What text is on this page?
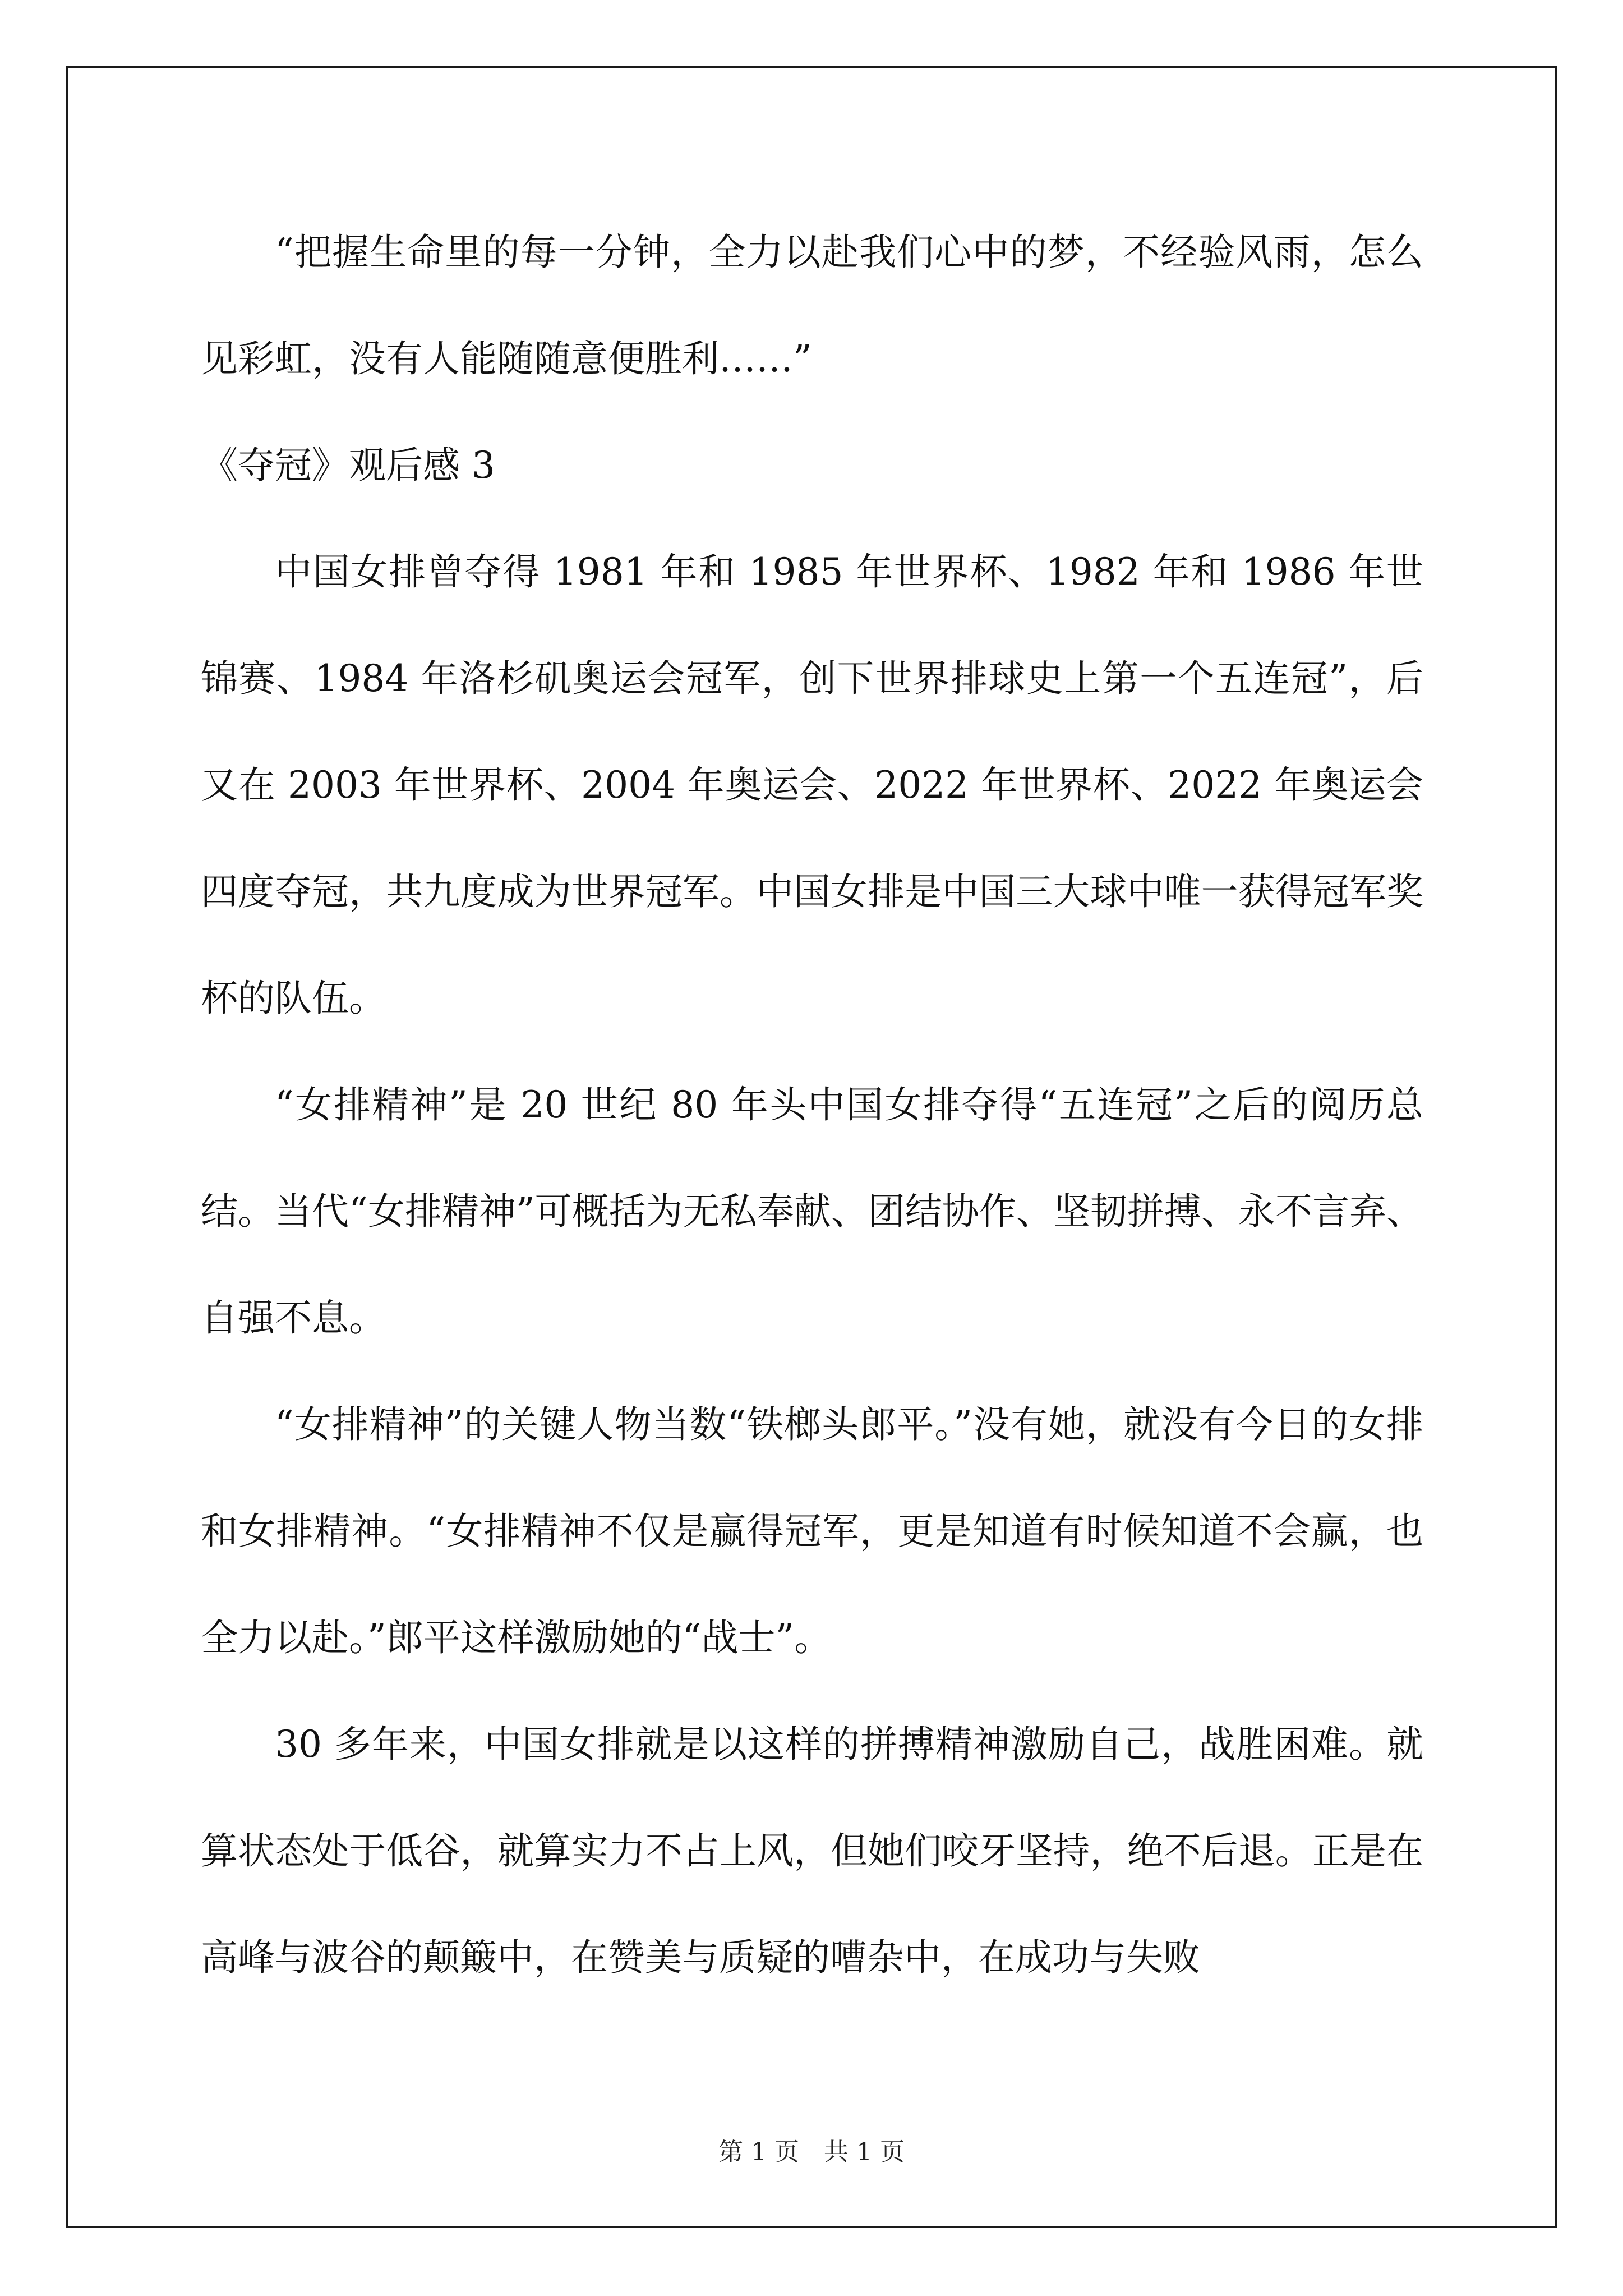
“把握生命里的每一分钟，全力以赴我们心中的梦，不经验风雨，怎么见彩虹，没有人能随随意便胜利……”

《夺冠》观后感 3

中国女排曾夺得 1981 年和 1985 年世界杯、1982 年和 1986 年世锦赛、1984 年洛杉矶奥运会冠军，创下世界排球史上第一个五连冠”，后又在 2003 年世界杯、2004 年奥运会、2022 年世界杯、2022 年奥运会四度夺冠，共九度成为世界冠军。中国女排是中国三大球中唯一获得冠军奖杯的队伍。

“女排精神”是 20 世纪 80 年头中国女排夺得“五连冠”之后的阅历总结。当代“女排精神”可概括为无私奉献、团结协作、坚韧拼搏、永不言弃、自强不息。

“女排精神”的关键人物当数“铁榔头郎平。”没有她，就没有今日的女排和女排精神。“女排精神不仅是赢得冠军，更是知道有时候知道不会赢，也全力以赴。”郎平这样激励她的“战士”。

30 多年来，中国女排就是以这样的拼搏精神激励自己，战胜困难。就算状态处于低谷，就算实力不占上风，但她们咬牙坚持，绝不后退。正是在高峰与波谷的颠簸中，在赞美与质疑的嘈杂中，在成功与失败

第 1 页　共 1 页
